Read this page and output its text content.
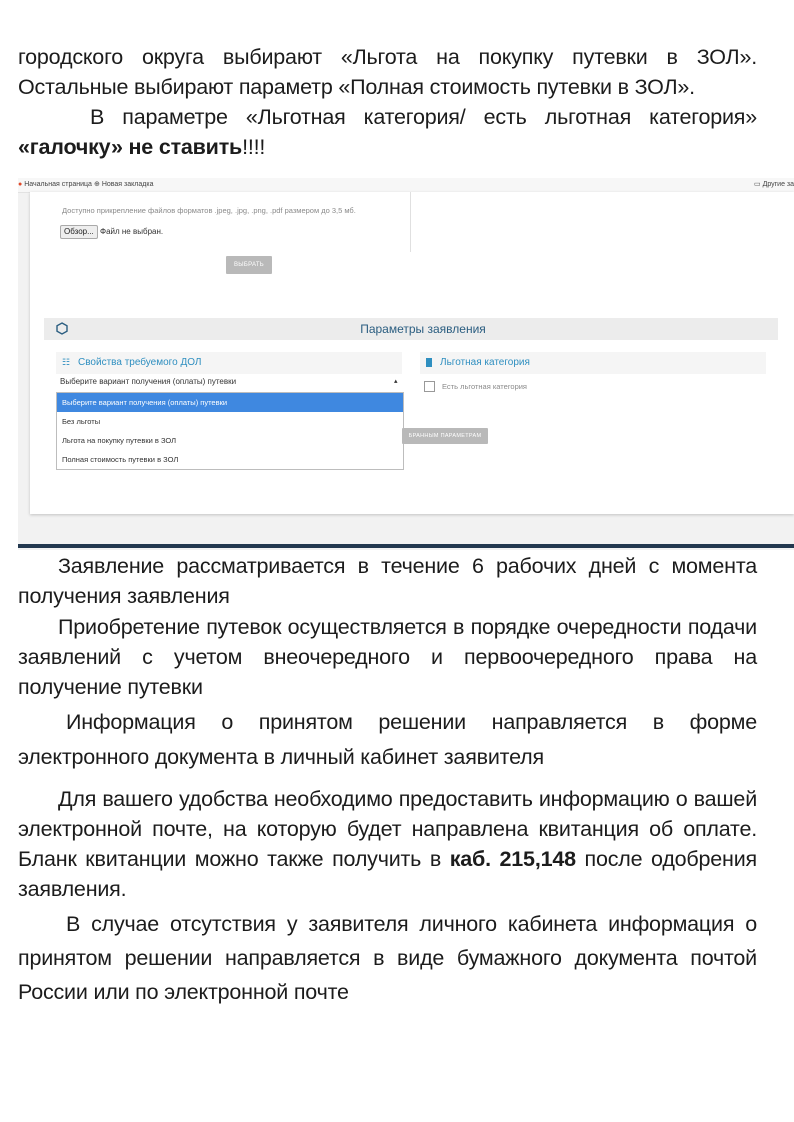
городского округа выбирают «Льгота на покупку путевки в ЗОЛ».
Остальные выбирают параметр «Полная стоимость путевки в ЗОЛ».
В параметре «Льготная категория/ есть льготная категория»
«галочку» не ставить!!!!
● Начальная страница ⊕ Новая закладка	▭ Другие за
Доступно прикрепление файлов форматов .jpeg, .jpg, .png, .pdf размером до 3,5 мб.
Обзор... Файл не выбран.
ВЫБРАТЬ
Параметры заявления
☷ Свойства требуемого ДОЛ	Льготная категория
Выберите вариант получения (оплаты) путевки	▴
Выберите вариант получения (оплаты) путевки
Без льготы
Льгота на покупку путевки в ЗОЛ
Полная стоимость путевки в ЗОЛ
Есть льготная категория
БРАННЫМ ПАРАМЕТРАМ
Заявление рассматривается в течение 6 рабочих дней с момента получения заявления
Приобретение путевок осуществляется в порядке очередности подачи заявлений с учетом внеочередного и первоочередного права на получение путевки
Информация о принятом решении направляется в форме электронного документа в личный кабинет заявителя
Для вашего удобства необходимо предоставить информацию о вашей электронной почте, на которую будет направлена квитанция об оплате. Бланк квитанции можно также получить в каб. 215,148 после одобрения заявления.
В случае отсутствия у заявителя личного кабинета информация о принятом решении направляется в виде бумажного документа почтой России или по электронной почте
